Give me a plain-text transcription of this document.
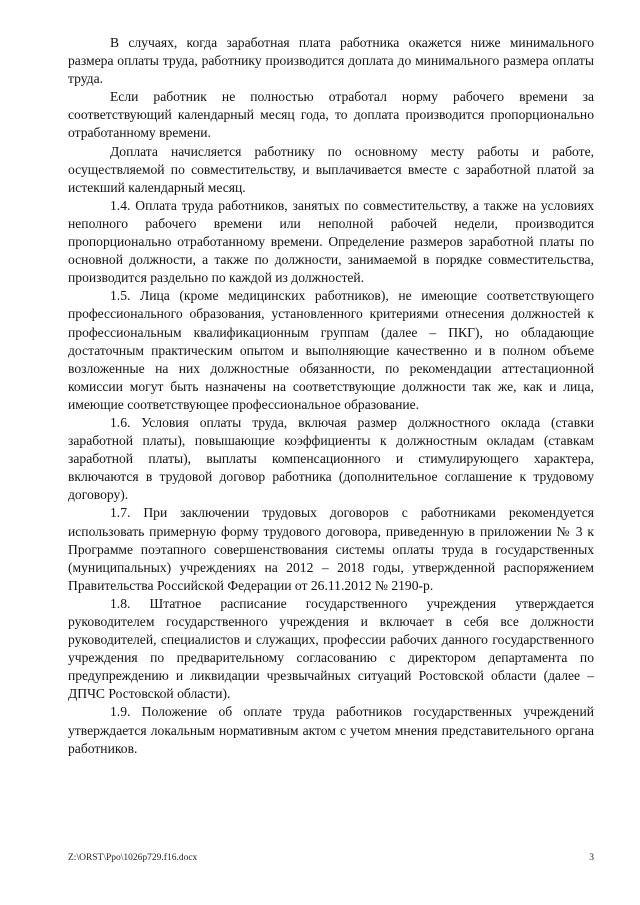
В случаях, когда заработная плата работника окажется ниже минимального размера оплаты труда, работнику производится доплата до минимального размера оплаты труда.

Если работник не полностью отработал норму рабочего времени за соответствующий календарный месяц года, то доплата производится пропорционально отработанному времени.

Доплата начисляется работнику по основному месту работы и работе, осуществляемой по совместительству, и выплачивается вместе с заработной платой за истекший календарный месяц.

1.4. Оплата труда работников, занятых по совместительству, а также на условиях неполного рабочего времени или неполной рабочей недели, производится пропорционально отработанному времени. Определение размеров заработной платы по основной должности, а также по должности, занимаемой в порядке совместительства, производится раздельно по каждой из должностей.

1.5. Лица (кроме медицинских работников), не имеющие соответствующего профессионального образования, установленного критериями отнесения должностей к профессиональным квалификационным группам (далее – ПКГ), но обладающие достаточным практическим опытом и выполняющие качественно и в полном объеме возложенные на них должностные обязанности, по рекомендации аттестационной комиссии могут быть назначены на соответствующие должности так же, как и лица, имеющие соответствующее профессиональное образование.

1.6. Условия оплаты труда, включая размер должностного оклада (ставки заработной платы), повышающие коэффициенты к должностным окладам (ставкам заработной платы), выплаты компенсационного и стимулирующего характера, включаются в трудовой договор работника (дополнительное соглашение к трудовому договору).

1.7. При заключении трудовых договоров с работниками рекомендуется использовать примерную форму трудового договора, приведенную в приложении № 3 к Программе поэтапного совершенствования системы оплаты труда в государственных (муниципальных) учреждениях на 2012 – 2018 годы, утвержденной распоряжением Правительства Российской Федерации от 26.11.2012 № 2190-р.

1.8. Штатное расписание государственного учреждения утверждается руководителем государственного учреждения и включает в себя все должности руководителей, специалистов и служащих, профессии рабочих данного государственного учреждения по предварительному согласованию с директором департамента по предупреждению и ликвидации чрезвычайных ситуаций Ростовской области (далее – ДПЧС Ростовской области).

1.9. Положение об оплате труда работников государственных учреждений утверждается локальным нормативным актом с учетом мнения представительного органа работников.

Z:\ORST\Ppo\1026p729.f16.docx	3
